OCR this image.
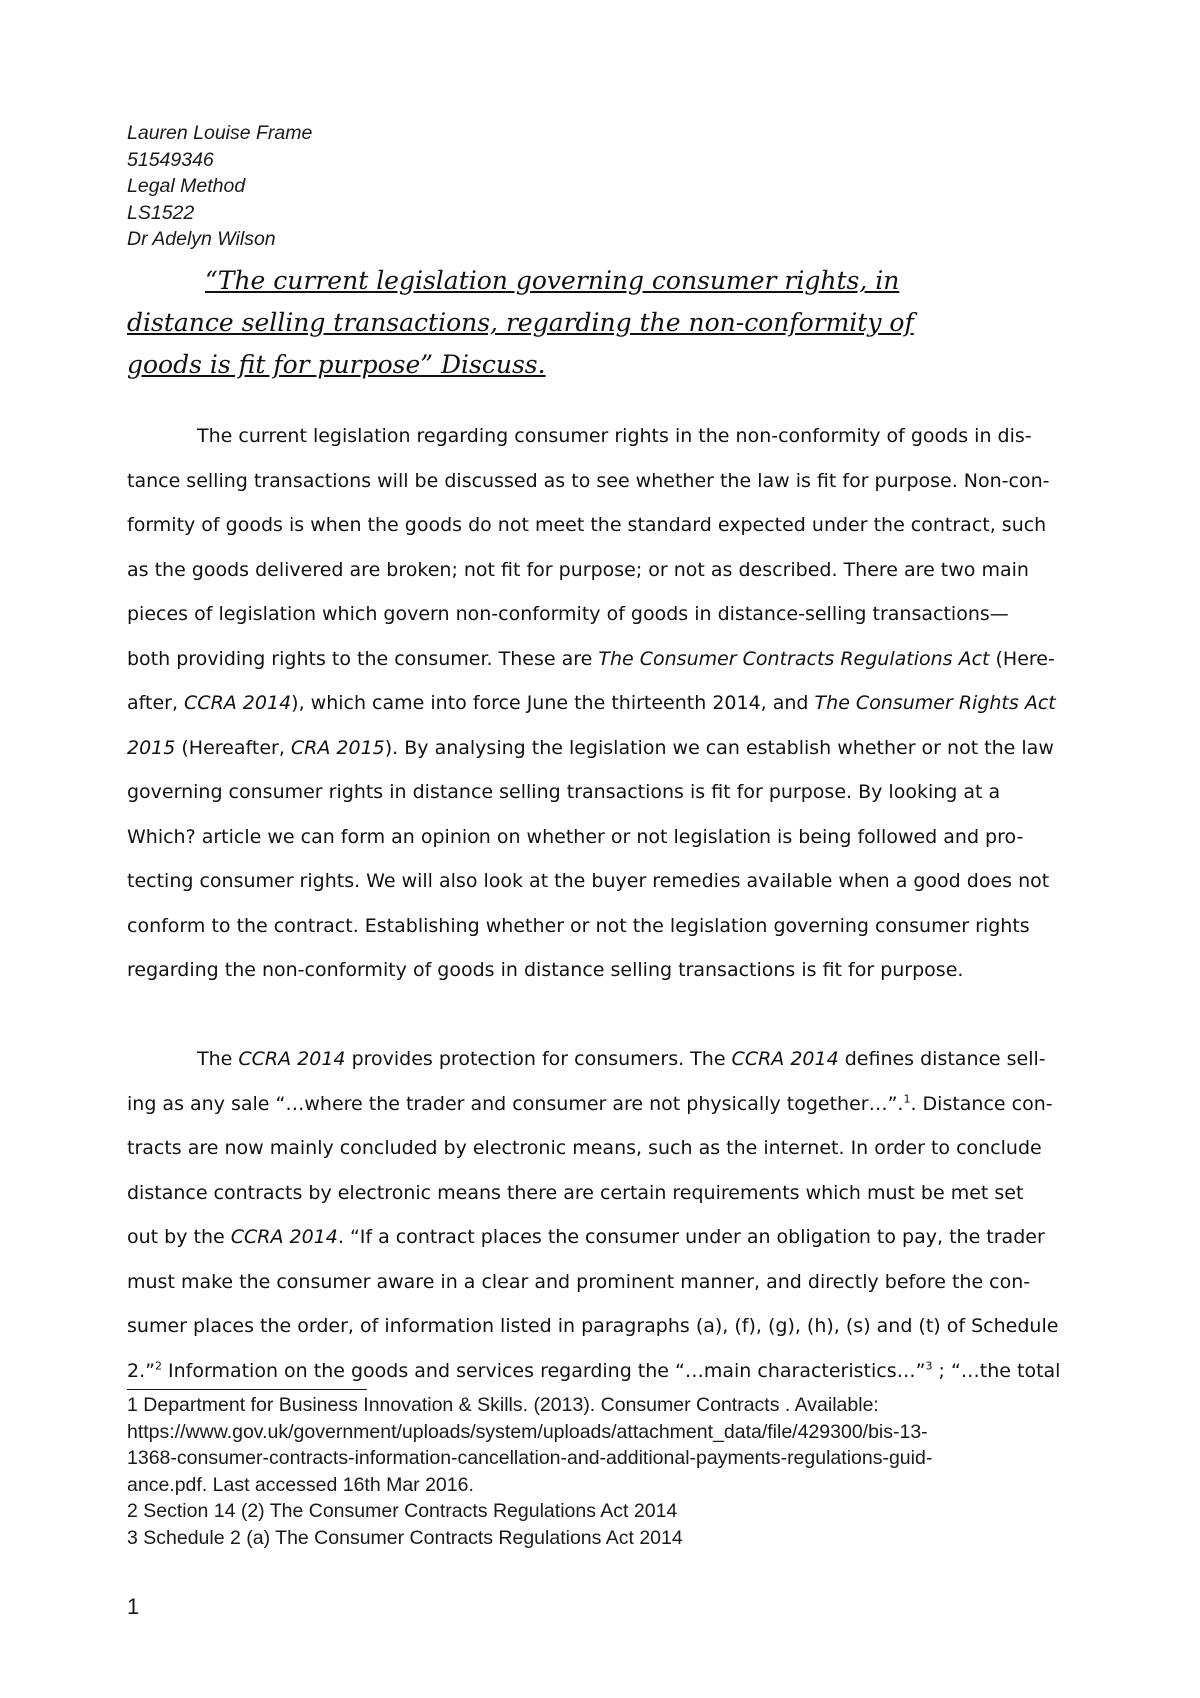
Lauren Louise Frame
51549346
Legal Method
LS1522
Dr Adelyn Wilson
“The current legislation governing consumer rights, in
distance selling transactions, regarding the non-conformity of
goods is fit for purpose” Discuss.
The current legislation regarding consumer rights in the non-conformity of goods in dis-
tance selling transactions will be discussed as to see whether the law is fit for purpose. Non-con-
formity of goods is when the goods do not meet the standard expected under the contract, such
as the goods delivered are broken; not fit for purpose; or not as described. There are two main
pieces of legislation which govern non-conformity of goods in distance-selling transactions—
both providing rights to the consumer. These are The Consumer Contracts Regulations Act (Here-
after, CCRA 2014), which came into force June the thirteenth 2014, and The Consumer Rights Act
2015 (Hereafter, CRA 2015). By analysing the legislation we can establish whether or not the law
governing consumer rights in distance selling transactions is fit for purpose. By looking at a
Which? article we can form an opinion on whether or not legislation is being followed and pro-
tecting consumer rights. We will also look at the buyer remedies available when a good does not
conform to the contract. Establishing whether or not the legislation governing consumer rights
regarding the non-conformity of goods in distance selling transactions is fit for purpose.
The CCRA 2014 provides protection for consumers. The CCRA 2014 defines distance sell-
ing as any sale “…where the trader and consumer are not physically together…”.$^1$. Distance con-
tracts are now mainly concluded by electronic means, such as the internet. In order to conclude
distance contracts by electronic means there are certain requirements which must be met set
out by the CCRA 2014. “If a contract places the consumer under an obligation to pay, the trader
must make the consumer aware in a clear and prominent manner, and directly before the con-
sumer places the order, of information listed in paragraphs (a), (f), (g), (h), (s) and (t) of Schedule
2.”$^2$ Information on the goods and services regarding the “…main characteristics…”$^3$ ; “…the total
1 Department for Business Innovation & Skills. (2013). Consumer Contracts . Available:
https://www.gov.uk/government/uploads/system/uploads/attachment_data/file/429300/bis-13-
1368-consumer-contracts-information-cancellation-and-additional-payments-regulations-guid-
ance.pdf. Last accessed 16th Mar 2016.
2 Section 14 (2) The Consumer Contracts Regulations Act 2014
3 Schedule 2 (a) The Consumer Contracts Regulations Act 2014
1
